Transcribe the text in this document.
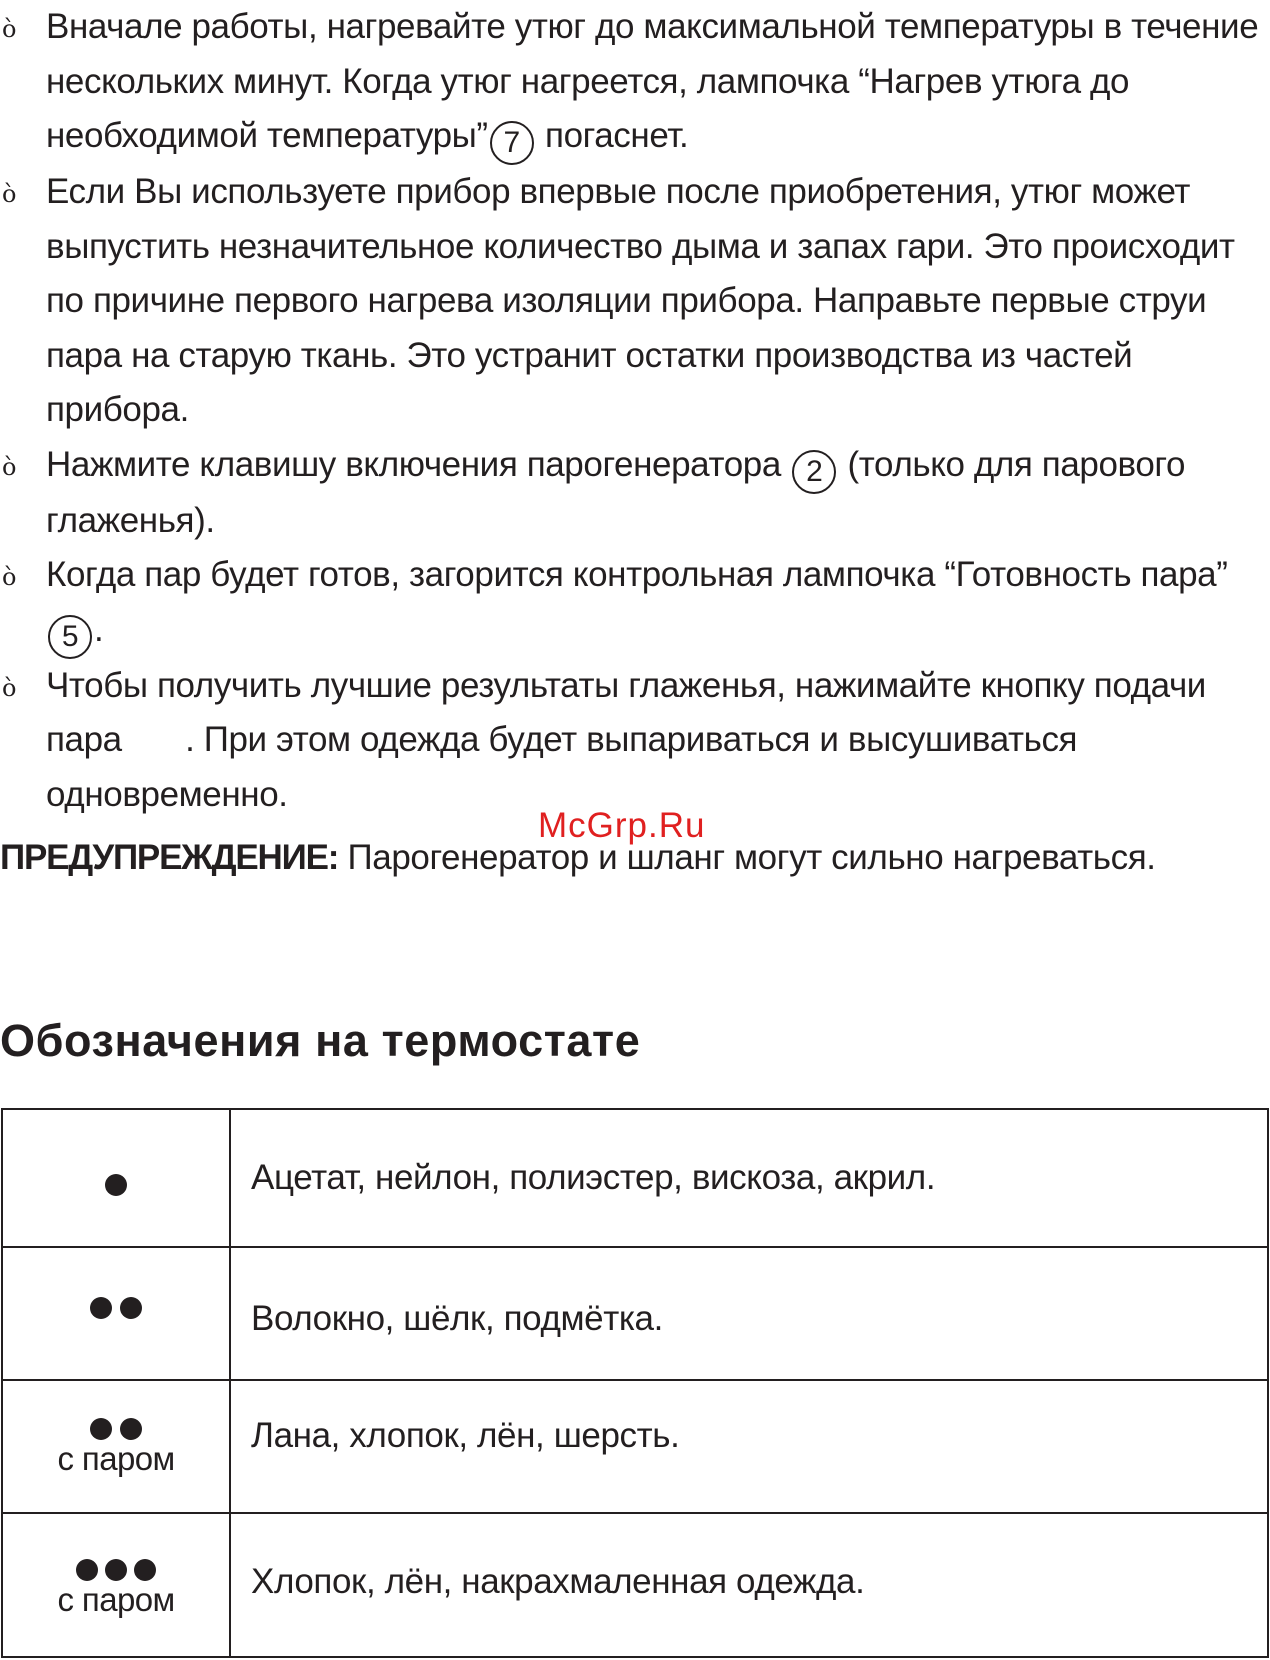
ò Вначале работы, нагревайте утюг до максимальной температуры в течение нескольких минут. Когда утюг нагреется, лампочка “Нагрев утюга до необходимой температуры” 7 погаснет.
ò Если Вы используете прибор впервые после приобретения, утюг может выпустить незначительное количество дыма и запах гари. Это происходит по причине первого нагрева изоляции прибора. Направьте первые струи пара на старую ткань. Это устранит остатки производства из частей прибора.
ò Нажмите клавишу включения парогенератора 2 (только для парового глаженья).
ò Когда пар будет готов, загорится контрольная лампочка “Готовность пара”5 .
ò Чтобы получить лучшие результаты глаженья, нажимайте кнопку подачи пара . При этом одежда будет выпариваться и высушиваться одновременно.
McGrp.Ru

ПРЕДУПРЕЖДЕНИЕ: Парогенератор и шланг могут сильно нагреваться.

Обозначения на термостате
	Ацетат, нейлон, полиэстер, вискоза, акрил.

	Волокно, шёлк, подмётка.

с паром	Лана, хлопок, лён, шерсть.

с паром	Хлопок, лён, накрахмаленная одежда.
